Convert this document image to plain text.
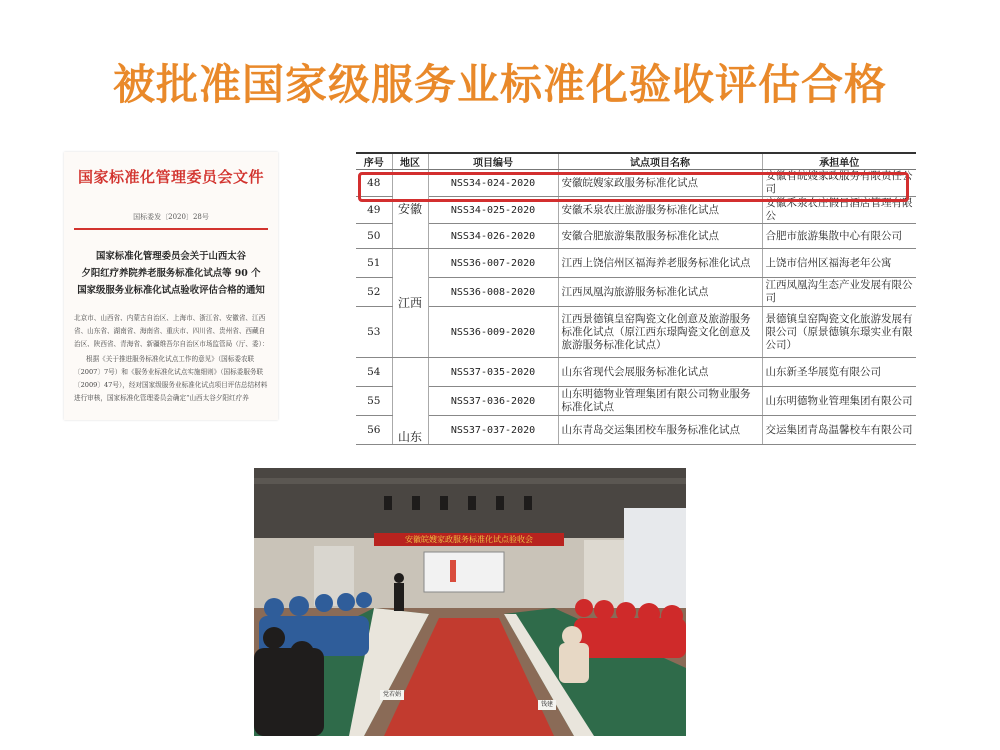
被批准国家级服务业标准化验收评估合格
国家标准化管理委员会文件
国标委发〔2020〕28号
国家标准化管理委员会关于山西太谷
夕阳红疗养院养老服务标准化试点等 90 个
国家级服务业标准化试点验收评估合格的通知

北京市、山西省、内蒙古自治区、上海市、浙江省、安徽省、江西省、山东省、湖南省、海南省、重庆市、四川省、贵州省、西藏自治区、陕西省、青海省、新疆维吾尔自治区市场监管局（厅、委）：

根据《关于推进服务标准化试点工作的意见》（国标委农联〔2007〕7号）和《服务业标准化试点实施细则》（国标委服务联〔2009〕47号），经对国家级服务业标准化试点项目评估总结材料进行审核，国家标准化管理委员会确定“山西太谷夕阳红疗养

序号	地区	项目编号	试点项目名称	承担单位
48	安徽	NSS34-024-2020	安徽皖嫂家政服务标准化试点	安徽省皖嫂家政服务有限责任公司
49		NSS34-025-2020	安徽禾泉农庄旅游服务标准化试点	安徽禾泉农庄假日酒店管理有限公
50		NSS34-026-2020	安徽合肥旅游集散服务标准化试点	合肥市旅游集散中心有限公司
51	江西	NSS36-007-2020	江西上饶信州区福海养老服务标准化试点	上饶市信州区福海老年公寓
52		NSS36-008-2020	江西凤凰沟旅游服务标准化试点	江西凤凰沟生态产业发展有限公司
53		NSS36-009-2020	江西景德镇皇窑陶瓷文化创意及旅游服务标准化试点（原江西东璟陶瓷文化创意及旅游服务标准化试点）	景德镇皇窑陶瓷文化旅游发展有限公司（原景德镇东璟实业有限公司）
54	山东	NSS37-035-2020	山东省现代会展服务标准化试点	山东新圣华展览有限公司
55		NSS37-036-2020	山东明德物业管理集团有限公司物业服务标准化试点	山东明德物业管理集团有限公司
56		NSS37-037-2020	山东青岛交运集团校车服务标准化试点	交运集团青岛温馨校车有限公司
安徽皖嫂家政服务标准化试点验收会
党若娟
钱建
